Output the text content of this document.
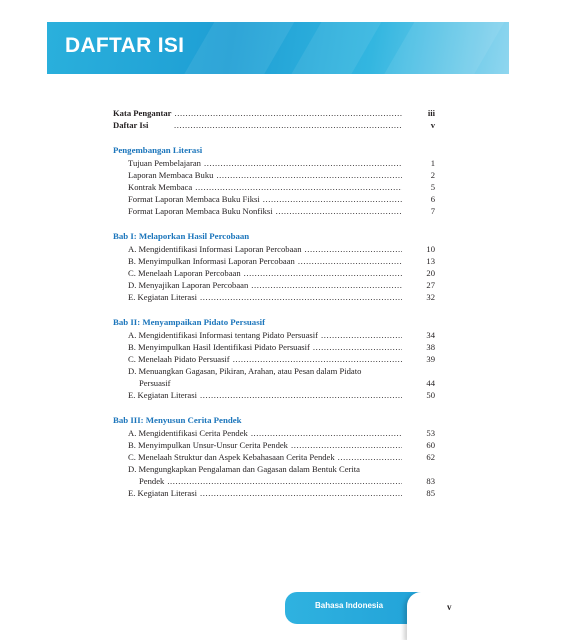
DAFTAR ISI
Kata Pengantar .....	iii
Daftar Isi .....	v
Pengembangan Literasi
Tujuan Pembelajaran .....	1
Laporan Membaca Buku .....	2
Kontrak Membaca .....	5
Format Laporan Membaca Buku Fiksi .....	6
Format Laporan Membaca Buku Nonfiksi .....	7
Bab I: Melaporkan Hasil Percobaan
A. Mengidentifikasi Informasi Laporan Percobaan .....	10
B. Menyimpulkan Informasi Laporan Percobaan .....	13
C. Menelaah Laporan Percobaan .....	20
D. Menyajikan Laporan Percobaan .....	27
E. Kegiatan Literasi .....	32
Bab II: Menyampaikan Pidato Persuasif
A. Mengidentifikasi Informasi tentang Pidato Persuasif .....	34
B. Menyimpulkan Hasil Identifikasi Pidato Persuasif .....	38
C. Menelaah Pidato Persuasif .....	39
D. Menuangkan Gagasan, Pikiran, Arahan, atau Pesan dalam Pidato
Persuasif	44
E. Kegiatan Literasi .....	50
Bab III: Menyusun Cerita Pendek
A. Mengidentifikasi Cerita Pendek .....	53
B. Menyimpulkan Unsur-Unsur Cerita Pendek .....	60
C. Menelaah Struktur dan Aspek Kebahasaan Cerita Pendek .....	62
D. Mengungkapkan Pengalaman dan Gagasan dalam Bentuk Cerita
Pendek .....	83
E. Kegiatan Literasi .....	85
Bahasa Indonesia	v
